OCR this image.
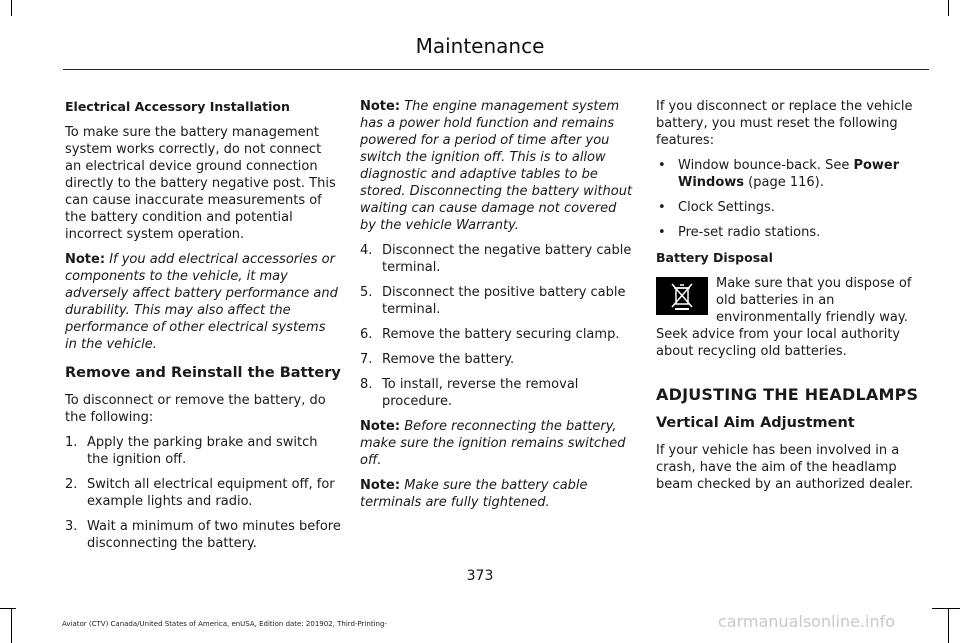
Maintenance

Electrical Accessory Installation

To make sure the battery management system works correctly, do not connect an electrical device ground connection directly to the battery negative post. This can cause inaccurate measurements of the battery condition and potential incorrect system operation.

Note: If you add electrical accessories or components to the vehicle, it may adversely affect battery performance and durability. This may also affect the performance of other electrical systems in the vehicle.

Remove and Reinstall the Battery

To disconnect or remove the battery, do the following:

1. Apply the parking brake and switch the ignition off.
2. Switch all electrical equipment off, for example lights and radio.
3. Wait a minimum of two minutes before disconnecting the battery.

Note: The engine management system has a power hold function and remains powered for a period of time after you switch the ignition off. This is to allow diagnostic and adaptive tables to be stored. Disconnecting the battery without waiting can cause damage not covered by the vehicle Warranty.

4. Disconnect the negative battery cable terminal.
5. Disconnect the positive battery cable terminal.
6. Remove the battery securing clamp.
7. Remove the battery.
8. To install, reverse the removal procedure.

Note: Before reconnecting the battery, make sure the ignition remains switched off.

Note: Make sure the battery cable terminals are fully tightened.

If you disconnect or replace the vehicle battery, you must reset the following features:

• Window bounce-back. See Power Windows (page 116).
• Clock Settings.
• Pre-set radio stations.

Battery Disposal

Make sure that you dispose of old batteries in an environmentally friendly way. Seek advice from your local authority about recycling old batteries.

ADJUSTING THE HEADLAMPS

Vertical Aim Adjustment

If your vehicle has been involved in a crash, have the aim of the headlamp beam checked by an authorized dealer.

373
Aviator (CTV) Canada/United States of America, enUSA, Edition date: 201902, Third-Printing-	carmanualsonline.info
